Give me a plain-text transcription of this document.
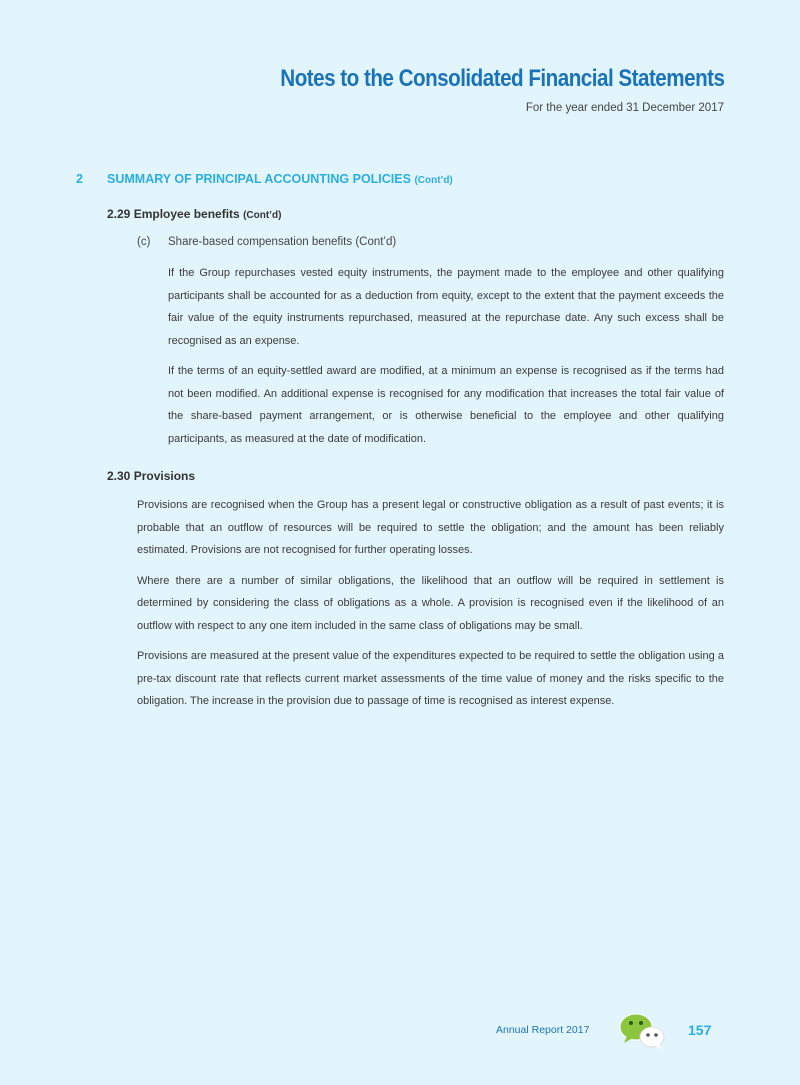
Notes to the Consolidated Financial Statements
For the year ended 31 December 2017
2 SUMMARY OF PRINCIPAL ACCOUNTING POLICIES (Cont’d)
2.29 Employee benefits (Cont’d)
(c) Share-based compensation benefits (Cont’d)

If the Group repurchases vested equity instruments, the payment made to the employee and other qualifying participants shall be accounted for as a deduction from equity, except to the extent that the payment exceeds the fair value of the equity instruments repurchased, measured at the repurchase date. Any such excess shall be recognised as an expense.

If the terms of an equity-settled award are modified, at a minimum an expense is recognised as if the terms had not been modified. An additional expense is recognised for any modification that increases the total fair value of the share-based payment arrangement, or is otherwise beneficial to the employee and other qualifying participants, as measured at the date of modification.

2.30 Provisions

Provisions are recognised when the Group has a present legal or constructive obligation as a result of past events; it is probable that an outflow of resources will be required to settle the obligation; and the amount has been reliably estimated. Provisions are not recognised for further operating losses.

Where there are a number of similar obligations, the likelihood that an outflow will be required in settlement is determined by considering the class of obligations as a whole. A provision is recognised even if the likelihood of an outflow with respect to any one item included in the same class of obligations may be small.

Provisions are measured at the present value of the expenditures expected to be required to settle the obligation using a pre-tax discount rate that reflects current market assessments of the time value of money and the risks specific to the obligation. The increase in the provision due to passage of time is recognised as interest expense.

Annual Report 2017	157
